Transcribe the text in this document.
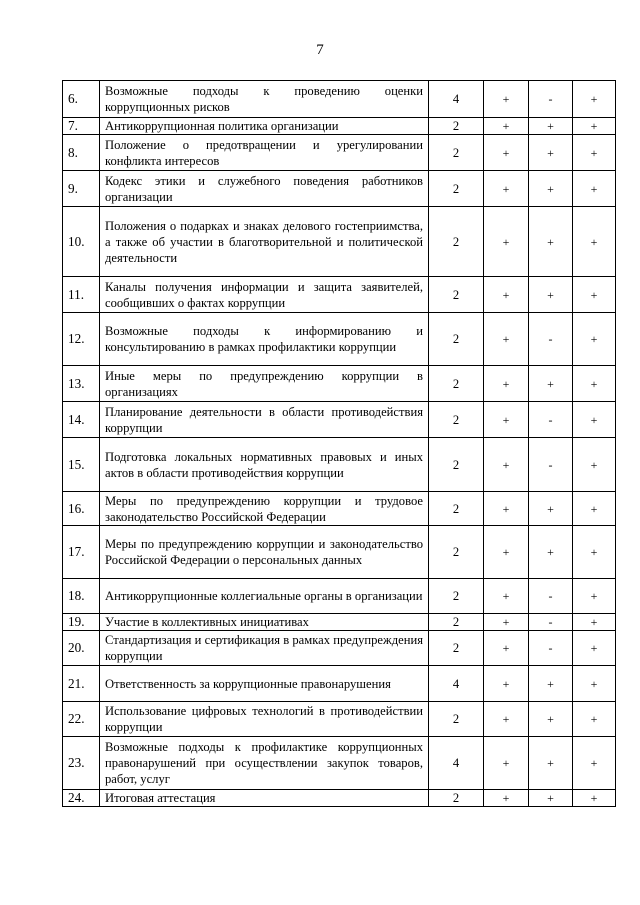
7
6.	Возможные подходы к проведению оценки коррупционных рисков	4	+	-	+
7.	Антикоррупционная политика организации	2	+	+	+
8.	Положение о предотвращении и урегулировании конфликта интересов	2	+	+	+
9.	Кодекс этики и служебного поведения работников организации	2	+	+	+
10.	Положения о подарках и знаках делового гостеприимства, а также об участии в благотворительной и политической деятельности	2	+	+	+
11.	Каналы получения информации и защита заявителей, сообщивших о фактах коррупции	2	+	+	+
12.	Возможные подходы к информированию и консультированию в рамках профилактики коррупции	2	+	-	+
13.	Иные меры по предупреждению коррупции в организациях	2	+	+	+
14.	Планирование деятельности в области противодействия коррупции	2	+	-	+
15.	Подготовка локальных нормативных правовых и иных актов в области противодействия коррупции	2	+	-	+
16.	Меры по предупреждению коррупции и трудовое законодательство Российской Федерации	2	+	+	+
17.	Меры по предупреждению коррупции и законодательство Российской Федерации о персональных данных	2	+	+	+
18.	Антикоррупционные коллегиальные органы в организации	2	+	-	+
19.	Участие в коллективных инициативах	2	+	-	+
20.	Стандартизация и сертификация в рамках предупреждения коррупции	2	+	-	+
21.	Ответственность за коррупционные правонарушения	4	+	+	+
22.	Использование цифровых технологий в противодействии коррупции	2	+	+	+
23.	Возможные подходы к профилактике коррупционных правонарушений при осуществлении закупок товаров, работ, услуг	4	+	+	+
24.	Итоговая аттестация	2	+	+	+
